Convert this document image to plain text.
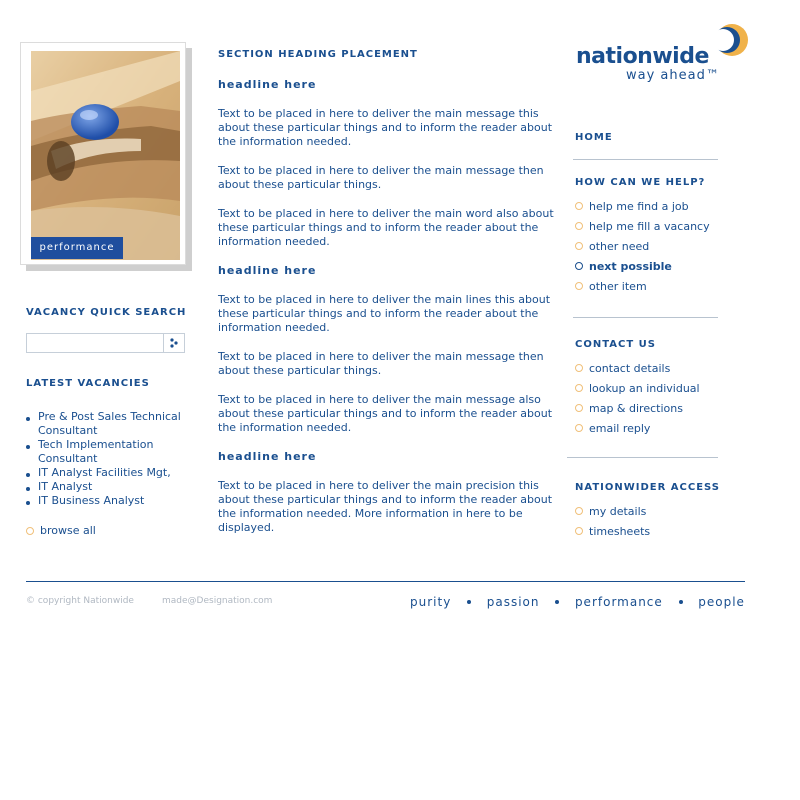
performance
VACANCY QUICK SEARCH
LATEST VACANCIES
Pre & Post Sales Technical Consultant
Tech Implementation Consultant
IT Analyst Facilities Mgt,
IT Analyst
IT Business Analyst
browse all
SECTION HEADING PLACEMENT
headline here

Text to be placed in here to deliver the main message this about these particular things and to inform the reader about the information needed.

Text to be placed in here to deliver the main message then about these particular things.

Text to be placed in here to deliver the main word also about these particular things and to inform the reader about the information needed.

headline here

Text to be placed in here to deliver the main lines this about these particular things and to inform the reader about the information needed.

Text to be placed in here to deliver the main message then about these particular things.

Text to be placed in here to deliver the main message also about these particular things and to inform the reader about the information needed.

headline here

Text to be placed in here to deliver the main precision this about these particular things and to inform the reader about the information needed. More information in here to be displayed.

nationwide
way ahead™
HOME
HOW CAN WE HELP?
help me find a job
help me fill a vacancy
other need
next possible
other item
CONTACT US
contact details
lookup an individual
map & directions
email reply
NATIONWIDER ACCESS
my details
timesheets
© copyright Nationwide	made@Designation.com	purity	passion	performance	people
